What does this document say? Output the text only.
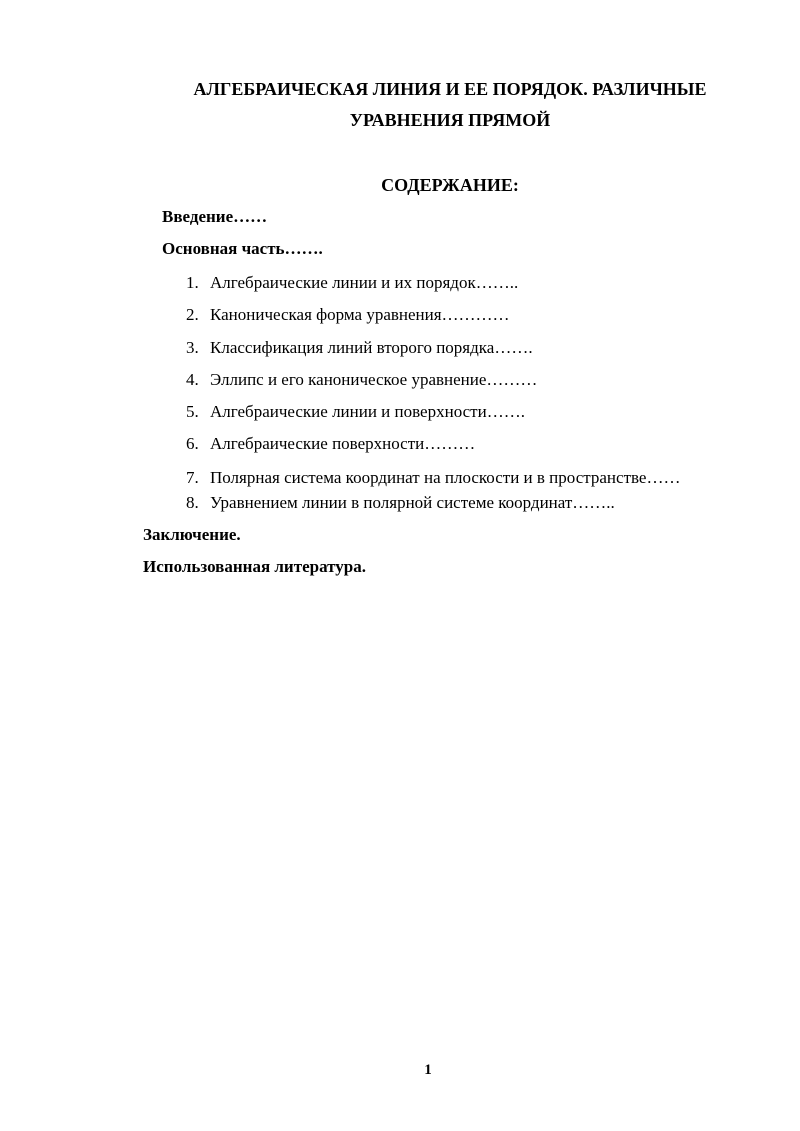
АЛГЕБРАИЧЕСКАЯ ЛИНИЯ И ЕЕ ПОРЯДОК. РАЗЛИЧНЫЕ
УРАВНЕНИЯ ПРЯМОЙ
СОДЕРЖАНИЕ:
Введение……
Основная часть…….
1. Алгебраические линии и их порядок……..
2. Каноническая форма уравнения…………
3. Классификация линий второго порядка…….
4. Эллипс и его каноническое уравнение………
5. Алгебраические линии и поверхности…….
6. Алгебраические поверхности………
7. Полярная система координат на плоскости и в пространстве……
8. Уравнением линии в полярной системе координат……..
Заключение.
Использованная литература.
1
